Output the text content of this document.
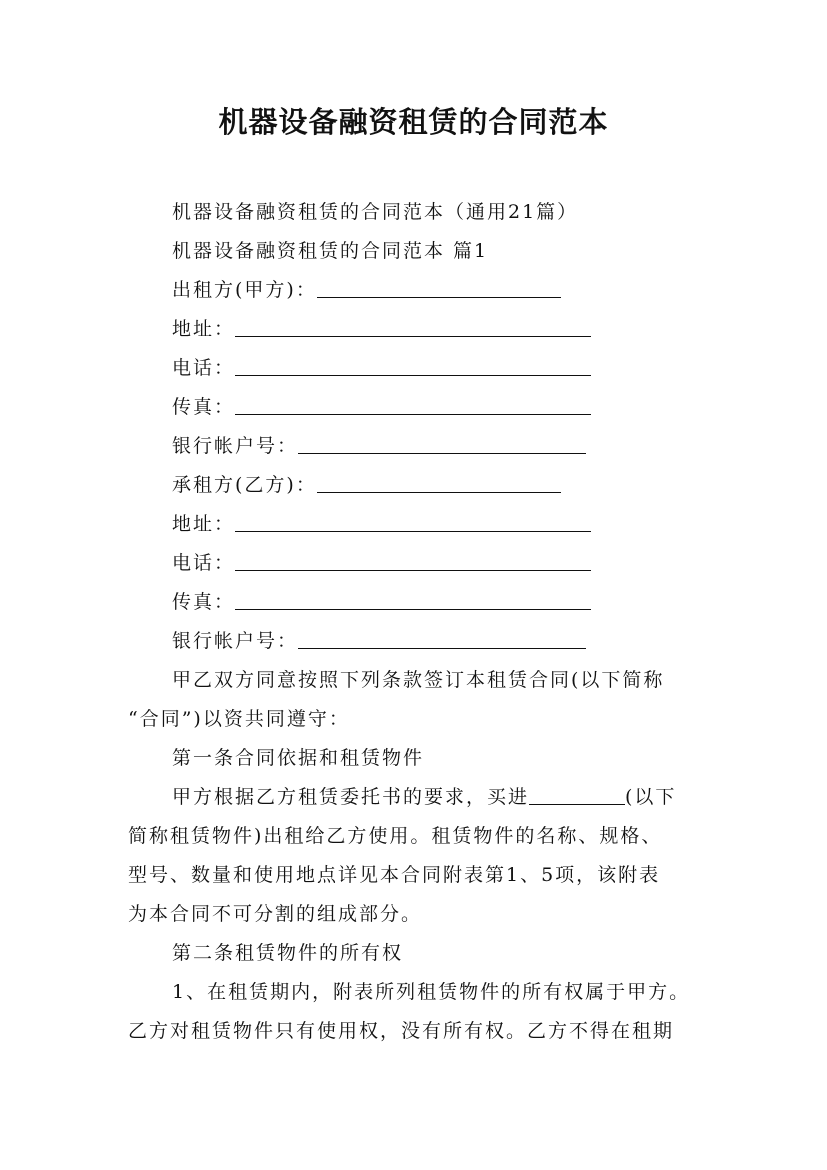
机器设备融资租赁的合同范本
机器设备融资租赁的合同范本（通用21篇）
机器设备融资租赁的合同范本 篇1
出租方(甲方)：
地址：
电话：
传真：
银行帐户号：
承租方(乙方)：
地址：
电话：
传真：
银行帐户号：
甲乙双方同意按照下列条款签订本租赁合同(以下简称
“合同”)以资共同遵守：
第一条合同依据和租赁物件
甲方根据乙方租赁委托书的要求，买进	(以下
简称租赁物件)出租给乙方使用。租赁物件的名称、规格、
型号、数量和使用地点详见本合同附表第1、5项，该附表
为本合同不可分割的组成部分。
第二条租赁物件的所有权
1、在租赁期内，附表所列租赁物件的所有权属于甲方。
乙方对租赁物件只有使用权，没有所有权。乙方不得在租期
